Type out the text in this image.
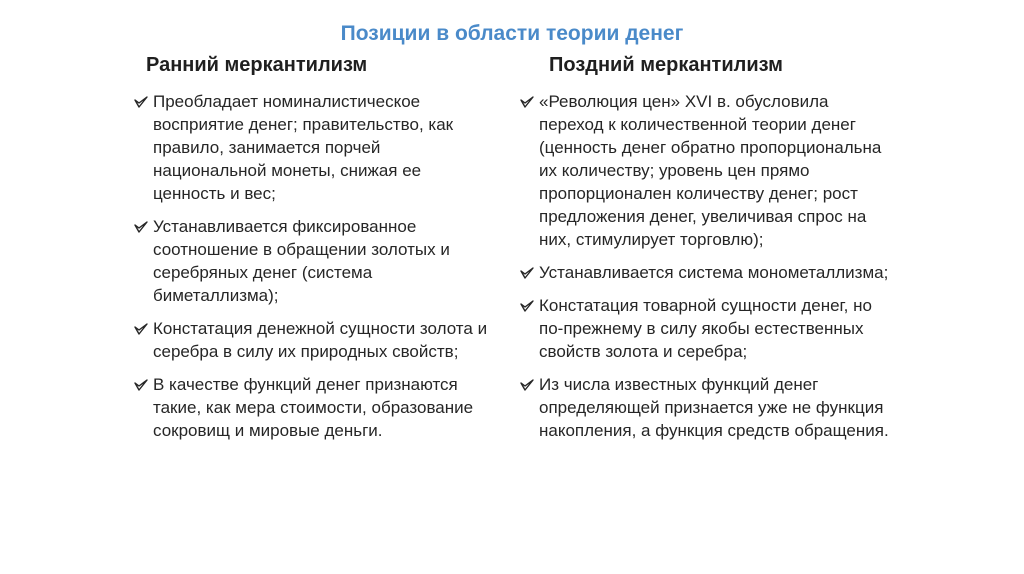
Позиции в области теории денег
Ранний меркантилизм	Поздний меркантилизм
Преобладает номиналистическое восприятие денег; правительство, как правило, занимается порчей национальной монеты, снижая ее ценность и вес;
Устанавливается фиксированное соотношение в обращении золотых и серебряных денег (система биметаллизма);
Констатация денежной сущности золота и серебра в силу их природных свойств;
В качестве функций денег признаются такие, как мера стоимости, образование сокровищ и мировые деньги.
«Революция цен» XVI в. обусловила переход к количественной теории денег (ценность денег обратно пропорциональна их количеству; уровень цен прямо пропорционален количеству денег; рост предложения денег, увеличивая спрос на них, стимулирует торговлю);
Устанавливается система монометаллизма;
Констатация товарной сущности денег, но по-прежнему в силу якобы естественных свойств золота и серебра;
Из числа известных функций денег определяющей признается уже не функция накопления, а функция средств обращения.
